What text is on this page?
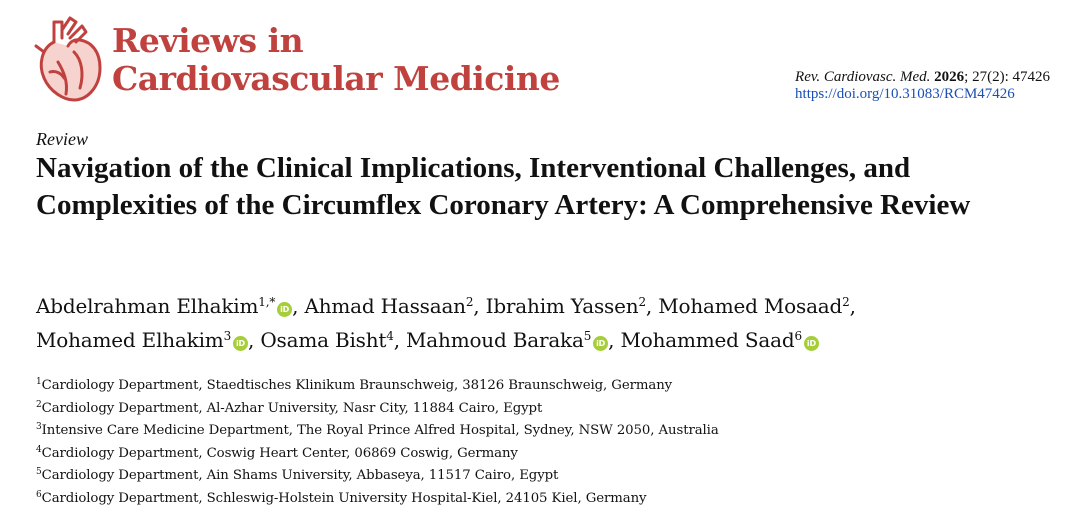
Reviews in
Cardiovascular Medicine	Rev. Cardiovasc. Med. 2026; 27(2): 47426
https://doi.org/10.31083/RCM47426
Review
Navigation of the Clinical Implications, Interventional Challenges, and Complexities of the Circumflex Coronary Artery: A Comprehensive Review
Abdelrahman Elhakim$^{1,*}$iD , Ahmad Hassaan$^2$, Ibrahim Yassen$^2$, Mohamed Mosaad$^2$,
Mohamed Elhakim$^3$iD , Osama Bisht$^4$, Mahmoud Baraka$^5$iD , Mohammed Saad$^6$iD
$^1$Cardiology Department, Staedtisches Klinikum Braunschweig, 38126 Braunschweig, Germany
$^2$Cardiology Department, Al-Azhar University, Nasr City, 11884 Cairo, Egypt
$^3$Intensive Care Medicine Department, The Royal Prince Alfred Hospital, Sydney, NSW 2050, Australia
$^4$Cardiology Department, Coswig Heart Center, 06869 Coswig, Germany
$^5$Cardiology Department, Ain Shams University, Abbaseya, 11517 Cairo, Egypt
$^6$Cardiology Department, Schleswig-Holstein University Hospital-Kiel, 24105 Kiel, Germany
